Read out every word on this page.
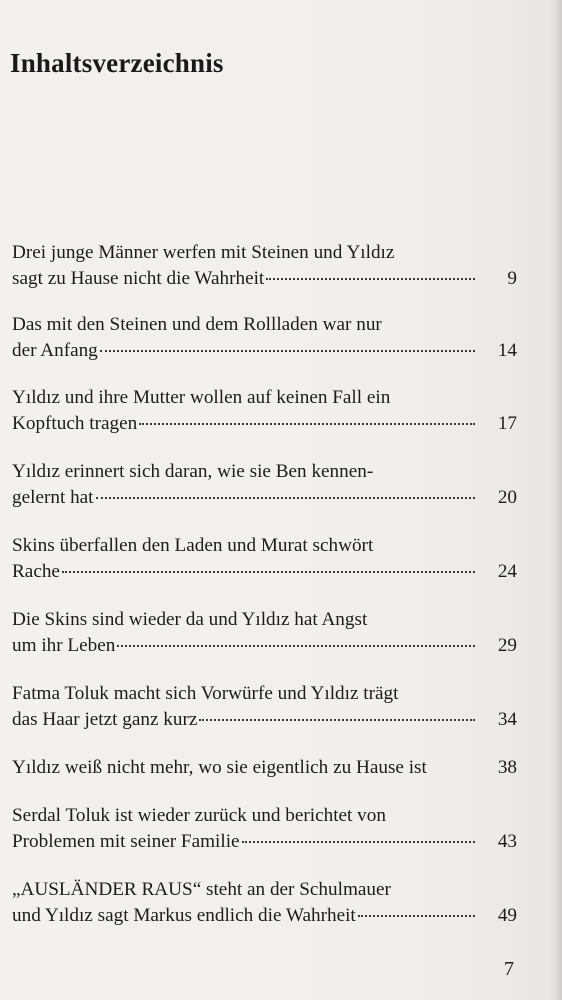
Inhaltsverzeichnis
Drei junge Männer werfen mit Steinen und Yıldız
sagt zu Hause nicht die Wahrheit	9
Das mit den Steinen und dem Rollladen war nur
der Anfang	14
Yıldız und ihre Mutter wollen auf keinen Fall ein
Kopftuch tragen	17
Yıldız erinnert sich daran, wie sie Ben kennen-
gelernt hat	20
Skins überfallen den Laden und Murat schwört
Rache	24
Die Skins sind wieder da und Yıldız hat Angst
um ihr Leben	29
Fatma Toluk macht sich Vorwürfe und Yıldız trägt
das Haar jetzt ganz kurz	34
Yıldız weiß nicht mehr, wo sie eigentlich zu Hause ist	38
Serdal Toluk ist wieder zurück und berichtet von
Problemen mit seiner Familie	43
„AUSLÄNDER RAUS“ steht an der Schulmauer
und Yıldız sagt Markus endlich die Wahrheit	49
7
